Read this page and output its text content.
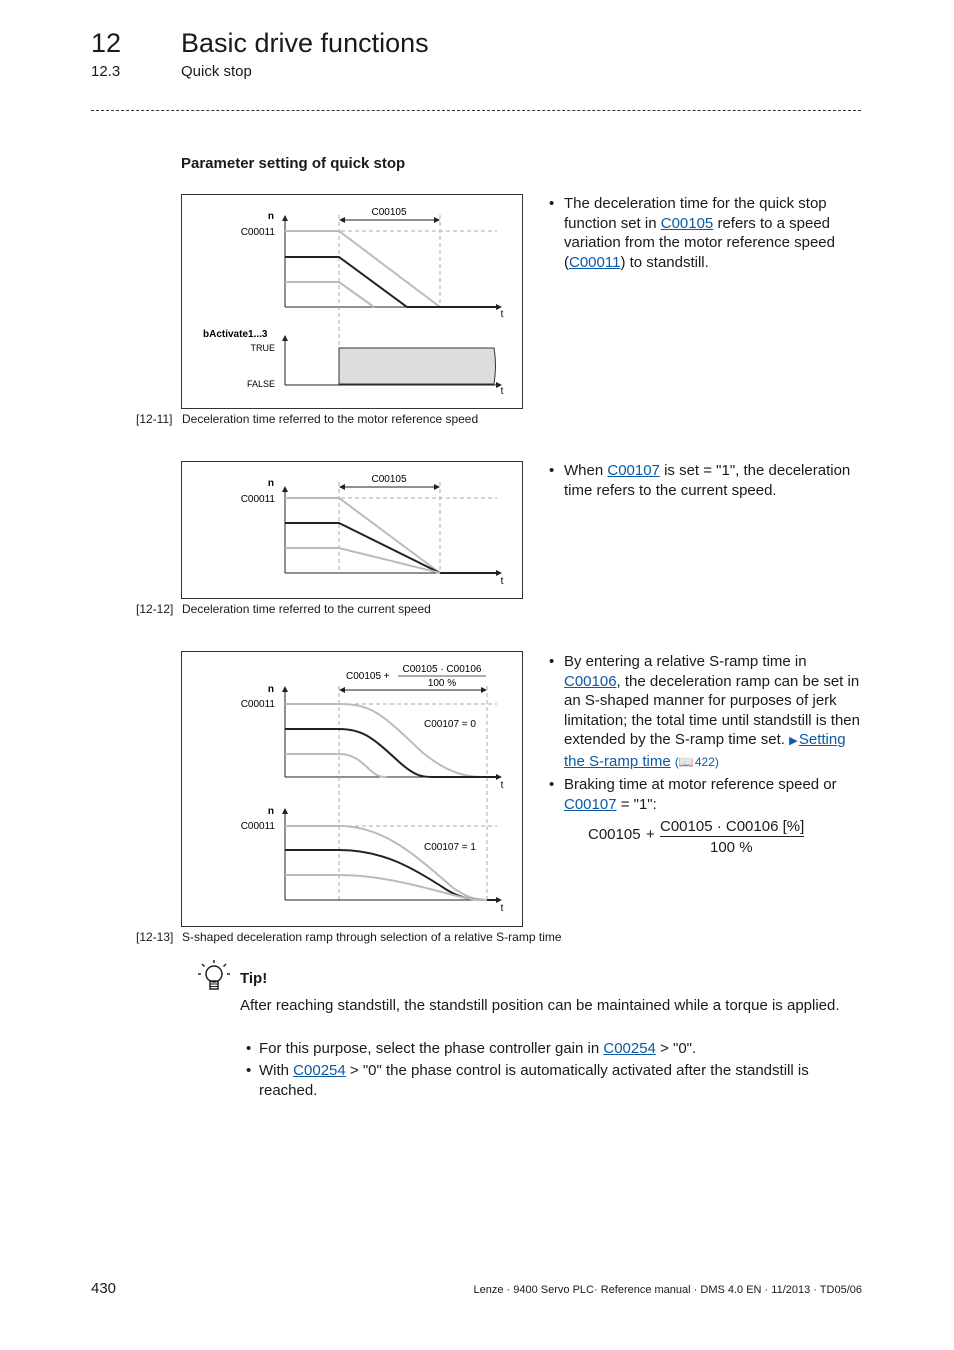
12 Basic drive functions
12.3	Quick stop
Parameter setting of quick stop
n	C00105
C00011
t
bActivate1...3
TRUE
FALSE
t
[12-11] Deceleration time referred to the motor reference speed
n	C00105
C00011
t
[12-12] Deceleration time referred to the current speed
C00105 +
C00105 · C00106
100 %
n
C00011
C00107 = 0
t
n
C00011
C00107 = 1
t
[12-13] S-shaped deceleration ramp through selection of a relative S-ramp time
• The deceleration time for the quick stop function set in C00105 refers to a speed variation from the motor reference speed (C00011) to standstill.
• When C00107 is set = "1", the deceleration time refers to the current speed.
• By entering a relative S-ramp time in C00106, the deceleration ramp can be set in an S-shaped manner for purposes of jerk limitation; the total time until standstill is then extended by the S-ramp time set. ▶ Setting the S-ramp time (📖 422)
• Braking time at motor reference speed or C00107 = "1":
C00105 + C00105 · C00106 [%]
100 %
Tip!
After reaching standstill, the standstill position can be maintained while a torque is applied.
• For this purpose, select the phase controller gain in C00254 > "0".
• With C00254 > "0" the phase control is automatically activated after the standstill is reached.
430	Lenze · 9400 Servo PLC· Reference manual · DMS 4.0 EN · 11/2013 · TD05/06
